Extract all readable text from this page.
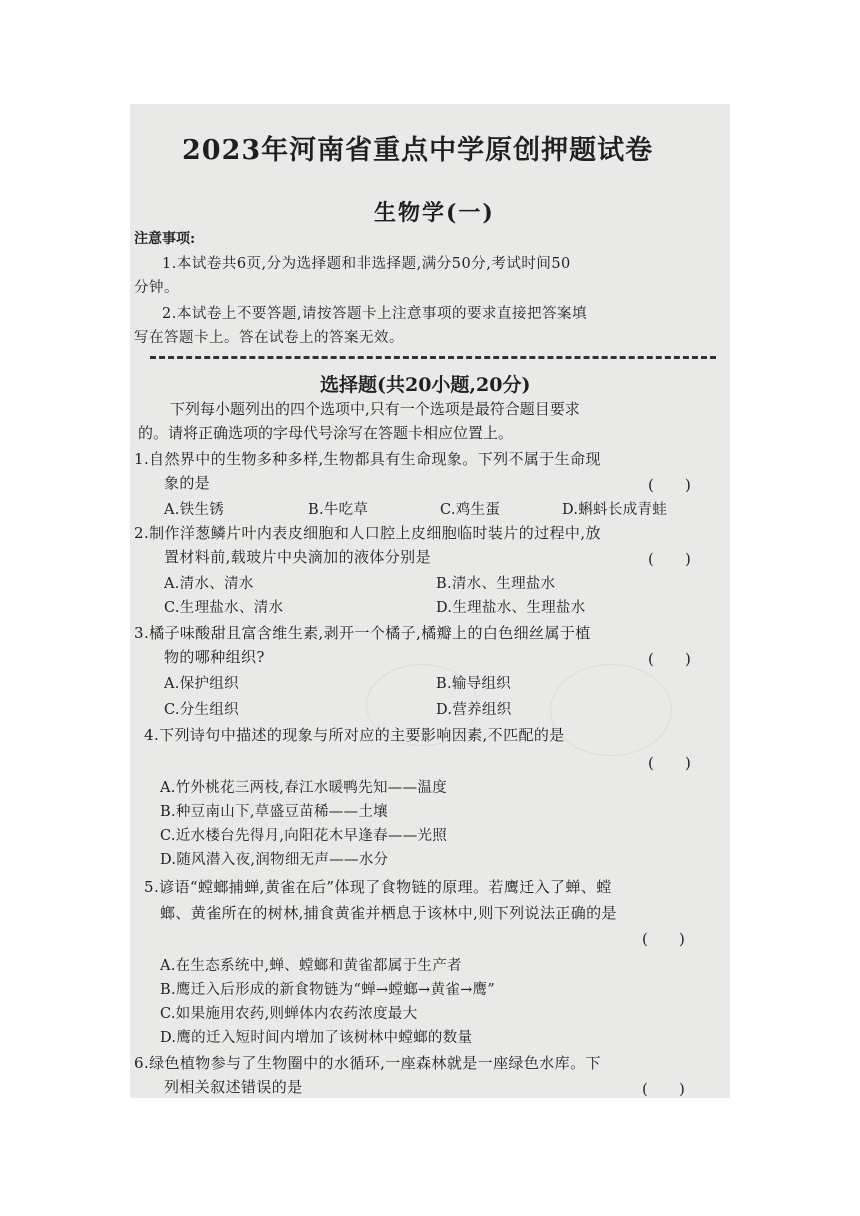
2023年河南省重点中学原创押题试卷
生物学(一)
注意事项:
1.本试卷共6页,分为选择题和非选择题,满分50分,考试时间50
分钟。
2.本试卷上不要答题,请按答题卡上注意事项的要求直接把答案填
写在答题卡上。答在试卷上的答案无效。
选择题(共20小题,20分)
下列每小题列出的四个选项中,只有一个选项是最符合题目要求
的。请将正确选项的字母代号涂写在答题卡相应位置上。
1.自然界中的生物多种多样,生物都具有生命现象。下列不属于生命现
象的是	(　　)
A.铁生锈	B.牛吃草	C.鸡生蛋	D.蝌蚪长成青蛙
2.制作洋葱鳞片叶内表皮细胞和人口腔上皮细胞临时装片的过程中,放
置材料前,载玻片中央滴加的液体分别是	(　　)
A.清水、清水	B.清水、生理盐水
C.生理盐水、清水	D.生理盐水、生理盐水
3.橘子味酸甜且富含维生素,剥开一个橘子,橘瓣上的白色细丝属于植
物的哪种组织?	(　　)
A.保护组织	B.输导组织
C.分生组织	D.营养组织
4.下列诗句中描述的现象与所对应的主要影响因素,不匹配的是
(　　)
A.竹外桃花三两枝,春江水暖鸭先知——温度
B.种豆南山下,草盛豆苗稀——土壤
C.近水楼台先得月,向阳花木早逢春——光照
D.随风潜入夜,润物细无声——水分
5.谚语“螳螂捕蝉,黄雀在后”体现了食物链的原理。若鹰迁入了蝉、螳
螂、黄雀所在的树林,捕食黄雀并栖息于该林中,则下列说法正确的是
(　　)
A.在生态系统中,蝉、螳螂和黄雀都属于生产者
B.鹰迁入后形成的新食物链为“蝉→螳螂→黄雀→鹰”
C.如果施用农药,则蝉体内农药浓度最大
D.鹰的迁入短时间内增加了该树林中螳螂的数量
6.绿色植物参与了生物圈中的水循环,一座森林就是一座绿色水库。下
列相关叙述错误的是	(　　)
